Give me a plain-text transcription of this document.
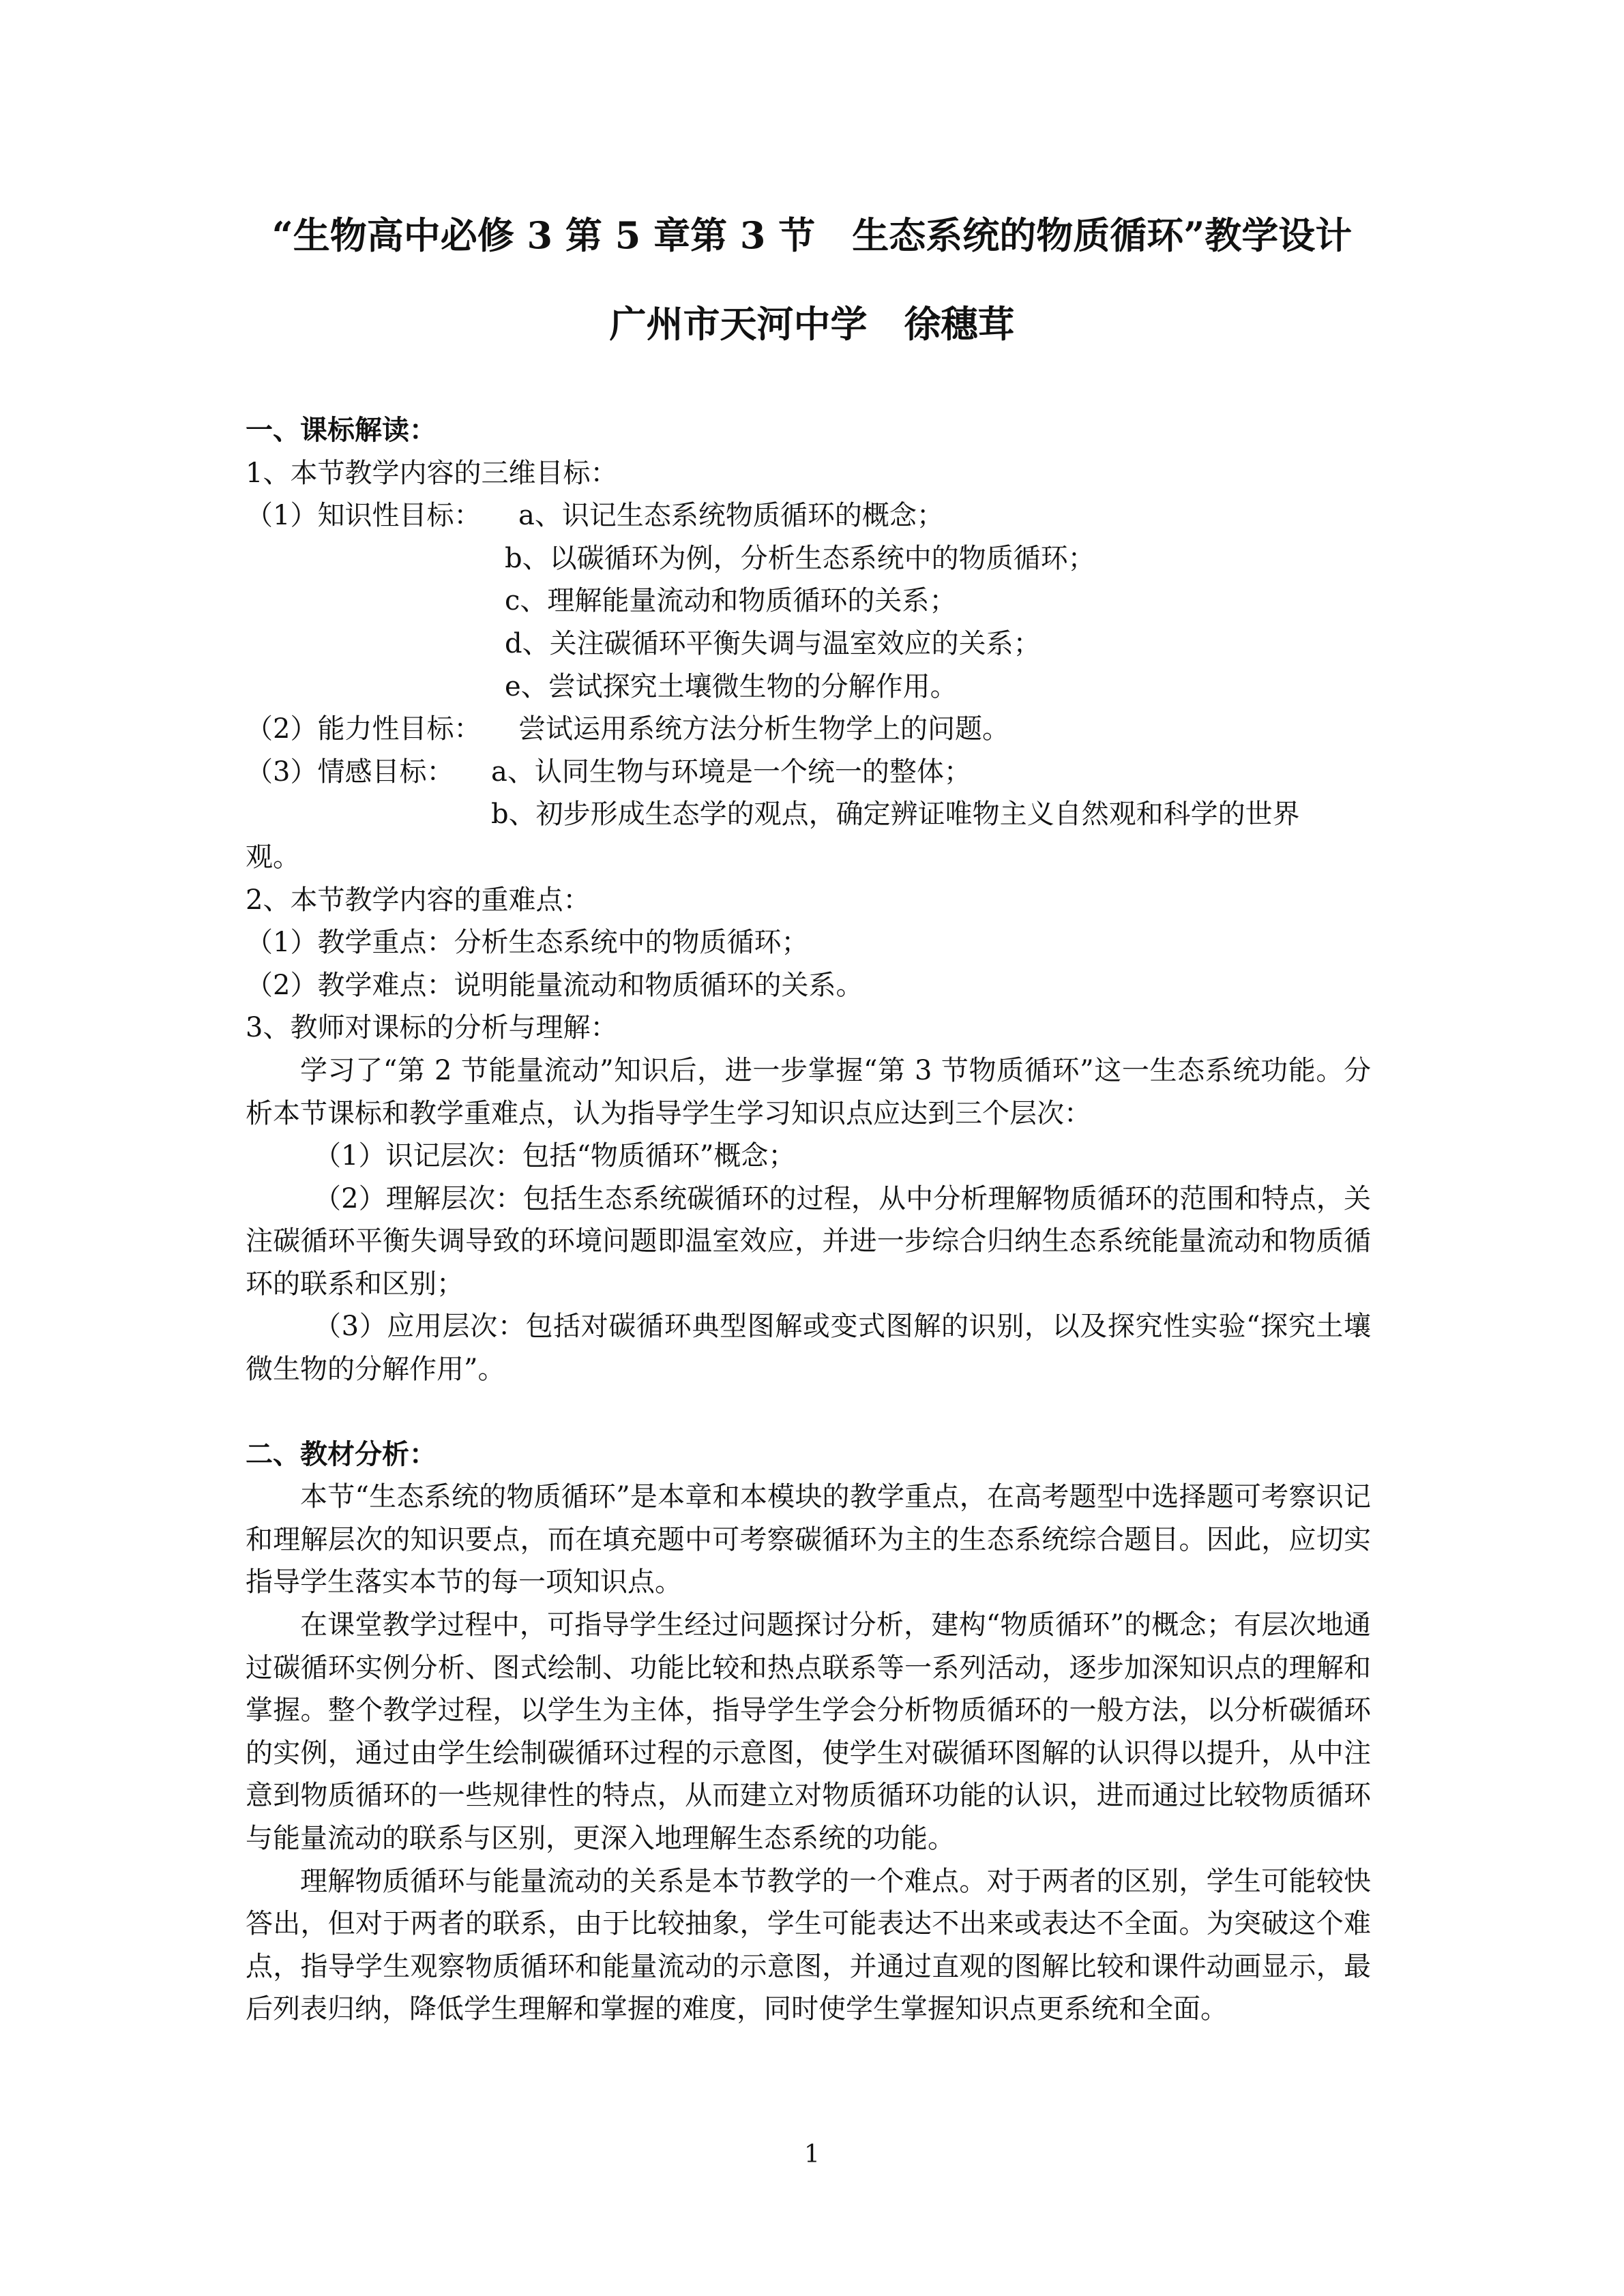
“生物高中必修 3 第 5 章第 3 节　生态系统的物质循环”教学设计
广州市天河中学　徐穗茸

一、课标解读：

1、本节教学内容的三维目标：

（1）知识性目标：	a、识记生态系统物质循环的概念；

b、以碳循环为例，分析生态系统中的物质循环；

c、理解能量流动和物质循环的关系；

d、关注碳循环平衡失调与温室效应的关系；

e、尝试探究土壤微生物的分解作用。

（2）能力性目标：	尝试运用系统方法分析生物学上的问题。
（3）情感目标：	a、认同生物与环境是一个统一的整体；

b、初步形成生态学的观点，确定辨证唯物主义自然观和科学的世界

观。

2、本节教学内容的重难点：

（1）教学重点：分析生态系统中的物质循环；

（2）教学难点：说明能量流动和物质循环的关系。

3、教师对课标的分析与理解：

学习了“第 2 节能量流动”知识后，进一步掌握“第 3 节物质循环”这一生态系统功能。分析本节课标和教学重难点，认为指导学生学习知识点应达到三个层次：

（1）识记层次：包括“物质循环”概念；

（2）理解层次：包括生态系统碳循环的过程，从中分析理解物质循环的范围和特点，关注碳循环平衡失调导致的环境问题即温室效应，并进一步综合归纳生态系统能量流动和物质循环的联系和区别；

（3）应用层次：包括对碳循环典型图解或变式图解的识别，以及探究性实验“探究土壤微生物的分解作用”。

二、教材分析：

本节“生态系统的物质循环”是本章和本模块的教学重点，在高考题型中选择题可考察识记和理解层次的知识要点，而在填充题中可考察碳循环为主的生态系统综合题目。因此，应切实指导学生落实本节的每一项知识点。

在课堂教学过程中，可指导学生经过问题探讨分析，建构“物质循环”的概念；有层次地通过碳循环实例分析、图式绘制、功能比较和热点联系等一系列活动，逐步加深知识点的理解和掌握。整个教学过程，以学生为主体，指导学生学会分析物质循环的一般方法，以分析碳循环的实例，通过由学生绘制碳循环过程的示意图，使学生对碳循环图解的认识得以提升，从中注意到物质循环的一些规律性的特点，从而建立对物质循环功能的认识，进而通过比较物质循环与能量流动的联系与区别，更深入地理解生态系统的功能。

理解物质循环与能量流动的关系是本节教学的一个难点。对于两者的区别，学生可能较快答出，但对于两者的联系，由于比较抽象，学生可能表达不出来或表达不全面。为突破这个难点，指导学生观察物质循环和能量流动的示意图，并通过直观的图解比较和课件动画显示，最后列表归纳，降低学生理解和掌握的难度，同时使学生掌握知识点更系统和全面。

1
